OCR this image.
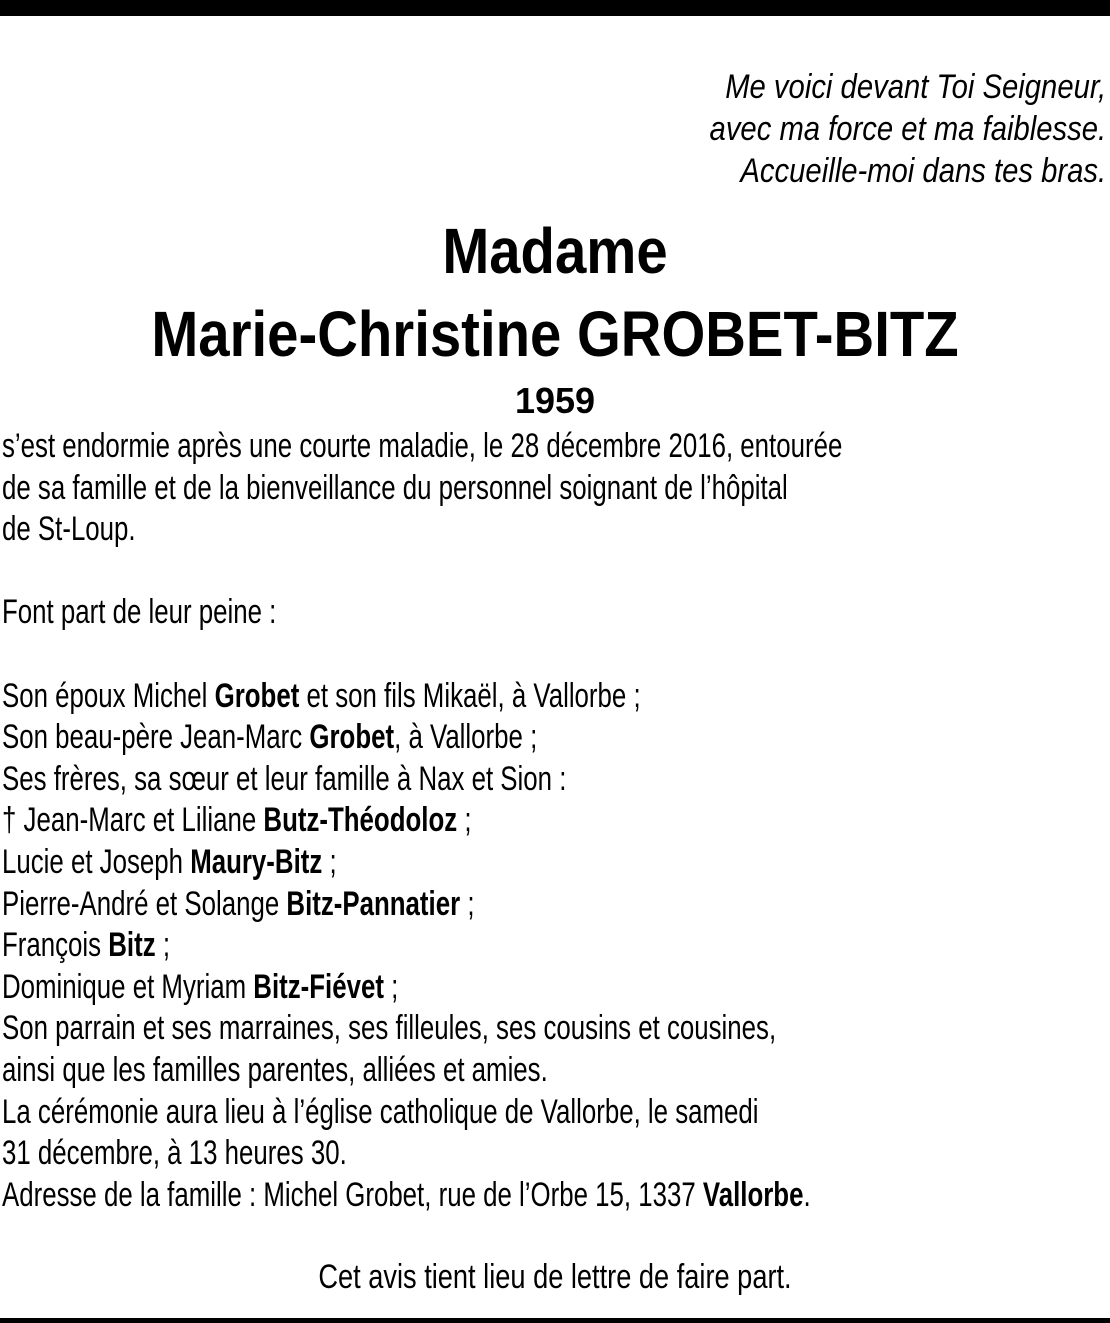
Me voici devant Toi Seigneur,
avec ma force et ma faiblesse.
Accueille-moi dans tes bras.
Madame
Marie-Christine GROBET-BITZ
1959
s’est endormie après une courte maladie, le 28 décembre 2016, entourée
de sa famille et de la bienveillance du personnel soignant de l’hôpital
de St-Loup.
Font part de leur peine :
Son époux Michel Grobet et son fils Mikaël, à Vallorbe ;
Son beau-père Jean-Marc Grobet, à Vallorbe ;
Ses frères, sa sœur et leur famille à Nax et Sion :
† Jean-Marc et Liliane Butz-Théodoloz ;
Lucie et Joseph Maury-Bitz ;
Pierre-André et Solange Bitz-Pannatier ;
François Bitz ;
Dominique et Myriam Bitz-Fiévet ;
Son parrain et ses marraines, ses filleules, ses cousins et cousines,
ainsi que les familles parentes, alliées et amies.
La cérémonie aura lieu à l’église catholique de Vallorbe, le samedi
31 décembre, à 13 heures 30.
Adresse de la famille : Michel Grobet, rue de l’Orbe 15, 1337 Vallorbe.
Cet avis tient lieu de lettre de faire part.
